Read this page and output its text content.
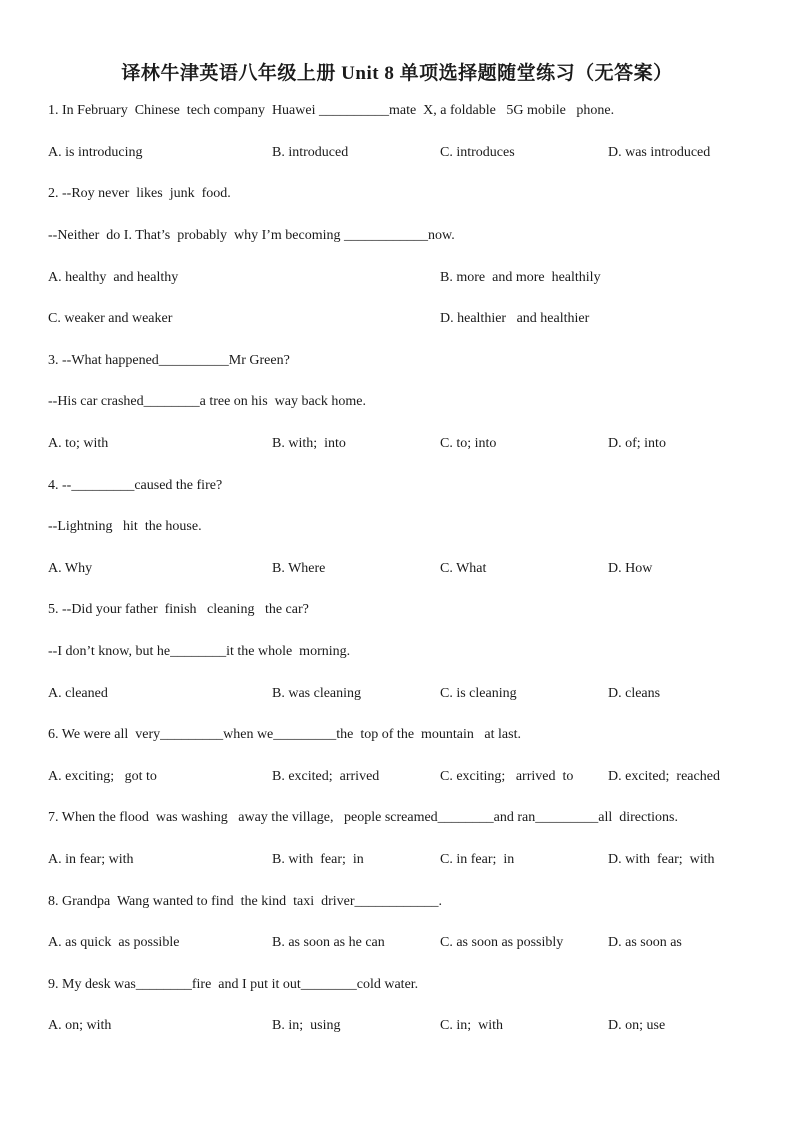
译林牛津英语八年级上册 Unit 8 单项选择题随堂练习（无答案）
1. In February  Chinese  tech company  Huawei __________mate  X, a foldable   5G mobile   phone.
A. is introducing	B. introduced	C. introduces	D. was introduced
2. --Roy never  likes  junk  food.
--Neither  do I. That’s  probably  why I’m becoming ____________now.
A. healthy  and healthy	B. more  and more  healthily
C. weaker and weaker	D. healthier   and healthier
3. --What happened__________Mr Green?
--His car crashed________a tree on his  way back home.
A. to; with	B. with;  into	C. to; into	D. of; into
4. --_________caused the fire?
--Lightning   hit  the house.
A. Why	B. Where	C. What	D. How
5. --Did your father  finish   cleaning   the car?
--I don’t know, but he________it the whole  morning.
A. cleaned	B. was cleaning	C. is cleaning	D. cleans
6. We were all  very_________when we_________the  top of the  mountain   at last.
A. exciting;   got to	B. excited;  arrived	C. exciting;   arrived  to D. excited;  reached
7. When the flood  was washing   away the village,   people screamed________and ran_________all  directions.
A. in fear; with	B. with  fear;  in	C. in fear;  in	D. with  fear;  with
8. Grandpa  Wang wanted to find  the kind  taxi  driver____________.
A. as quick  as possible	B. as soon as he can	C. as soon as possibly	D. as soon as
9. My desk was________fire  and I put it out________cold water.
A. on; with	B. in;  using	C. in;  with	D. on; use
